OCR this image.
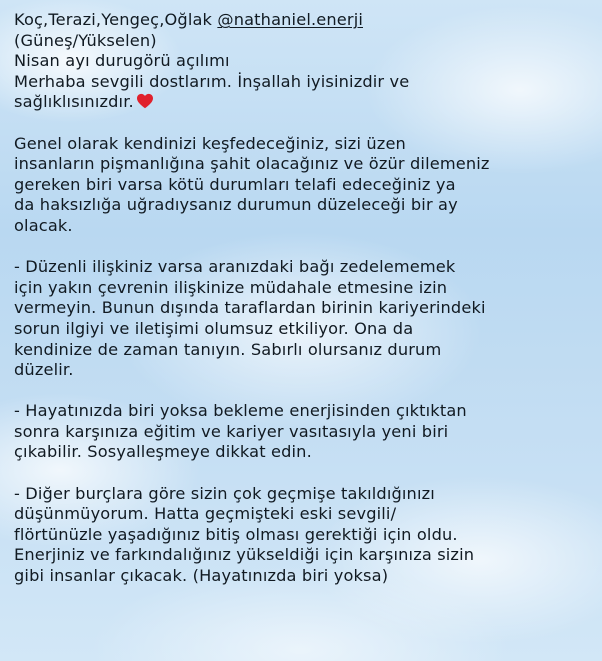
Koç,Terazi,Yengeç,Oğlak @nathaniel.enerji
(Güneş/Yükselen)
Nisan ayı durugörü açılımı
Merhaba sevgili dostlarım. İnşallah iyisinizdir ve
sağlıklısınızdır.
Genel olarak kendinizi keşfedeceğiniz, sizi üzen
insanların pişmanlığına şahit olacağınız ve özür dilemeniz
gereken biri varsa kötü durumları telafi edeceğiniz ya
da haksızlığa uğradıysanız durumun düzeleceği bir ay
olacak.
- Düzenli ilişkiniz varsa aranızdaki bağı zedelememek
için yakın çevrenin ilişkinize müdahale etmesine izin
vermeyin. Bunun dışında taraflardan birinin kariyerindeki
sorun ilgiyi ve iletişimi olumsuz etkiliyor. Ona da
kendinize de zaman tanıyın. Sabırlı olursanız durum
düzelir.
- Hayatınızda biri yoksa bekleme enerjisinden çıktıktan
sonra karşınıza eğitim ve kariyer vasıtasıyla yeni biri
çıkabilir. Sosyalleşmeye dikkat edin.
- Diğer burçlara göre sizin çok geçmişe takıldığınızı
düşünmüyorum. Hatta geçmişteki eski sevgili/
flörtünüzle yaşadığınız bitiş olması gerektiği için oldu.
Enerjiniz ve farkındalığınız yükseldiği için karşınıza sizin
gibi insanlar çıkacak. (Hayatınızda biri yoksa)
